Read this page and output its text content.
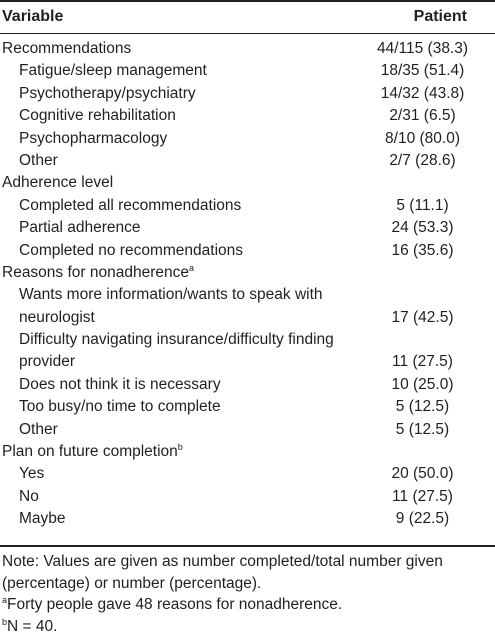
Variable	Patient
Recommendations	44/115 (38.3)
Fatigue/sleep management	18/35 (51.4)
Psychotherapy/psychiatry	14/32 (43.8)
Cognitive rehabilitation	2/31 (6.5)
Psychopharmacology	8/10 (80.0)
Other	2/7 (28.6)
Adherence level
Completed all recommendations	5 (11.1)
Partial adherence	24 (53.3)
Completed no recommendations	16 (35.6)
Reasons for nonadherence$^a$
Wants more information/wants to speak with
neurologist	17 (42.5)
Difficulty navigating insurance/difficulty finding
provider	11 (27.5)
Does not think it is necessary	10 (25.0)
Too busy/no time to complete	5 (12.5)
Other	5 (12.5)
Plan on future completion$^b$
Yes	20 (50.0)
No	11 (27.5)
Maybe	9 (22.5)

Note: Values are given as number completed/total number given (percentage) or number (percentage).

$^a$Forty people gave 48 reasons for nonadherence.

$^b$N = 40.
